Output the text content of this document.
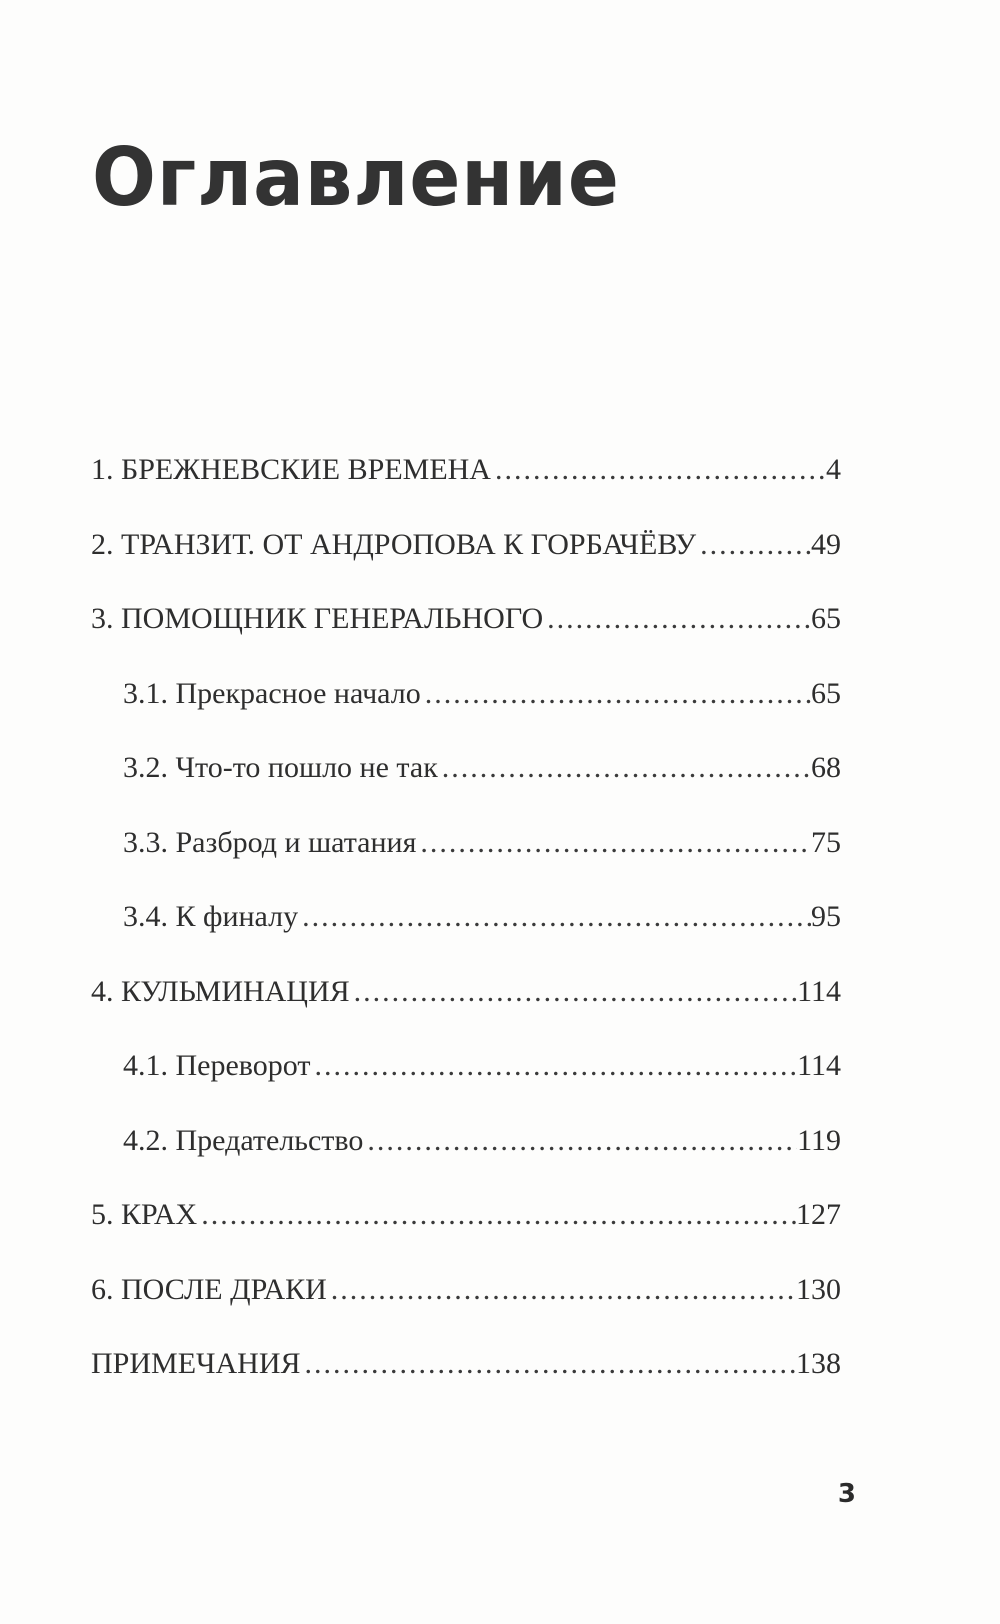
Оглавление
1. БРЕЖНЕВСКИЕ ВРЕМЕНА .....	4
2. ТРАНЗИТ. ОТ АНДРОПОВА К ГОРБАЧЁВУ .....	49
3. ПОМОЩНИК ГЕНЕРАЛЬНОГО .....	65
3.1. Прекрасное начало .....	65
3.2. Что-то пошло не так .....	68
3.3. Разброд и шатания .....	75
3.4. К финалу .....	95
4. КУЛЬМИНАЦИЯ .....	114
4.1. Переворот .....	114
4.2. Предательство .....	119
5. КРАХ .....	127
6. ПОСЛЕ ДРАКИ .....	130
ПРИМЕЧАНИЯ .....	138
3
